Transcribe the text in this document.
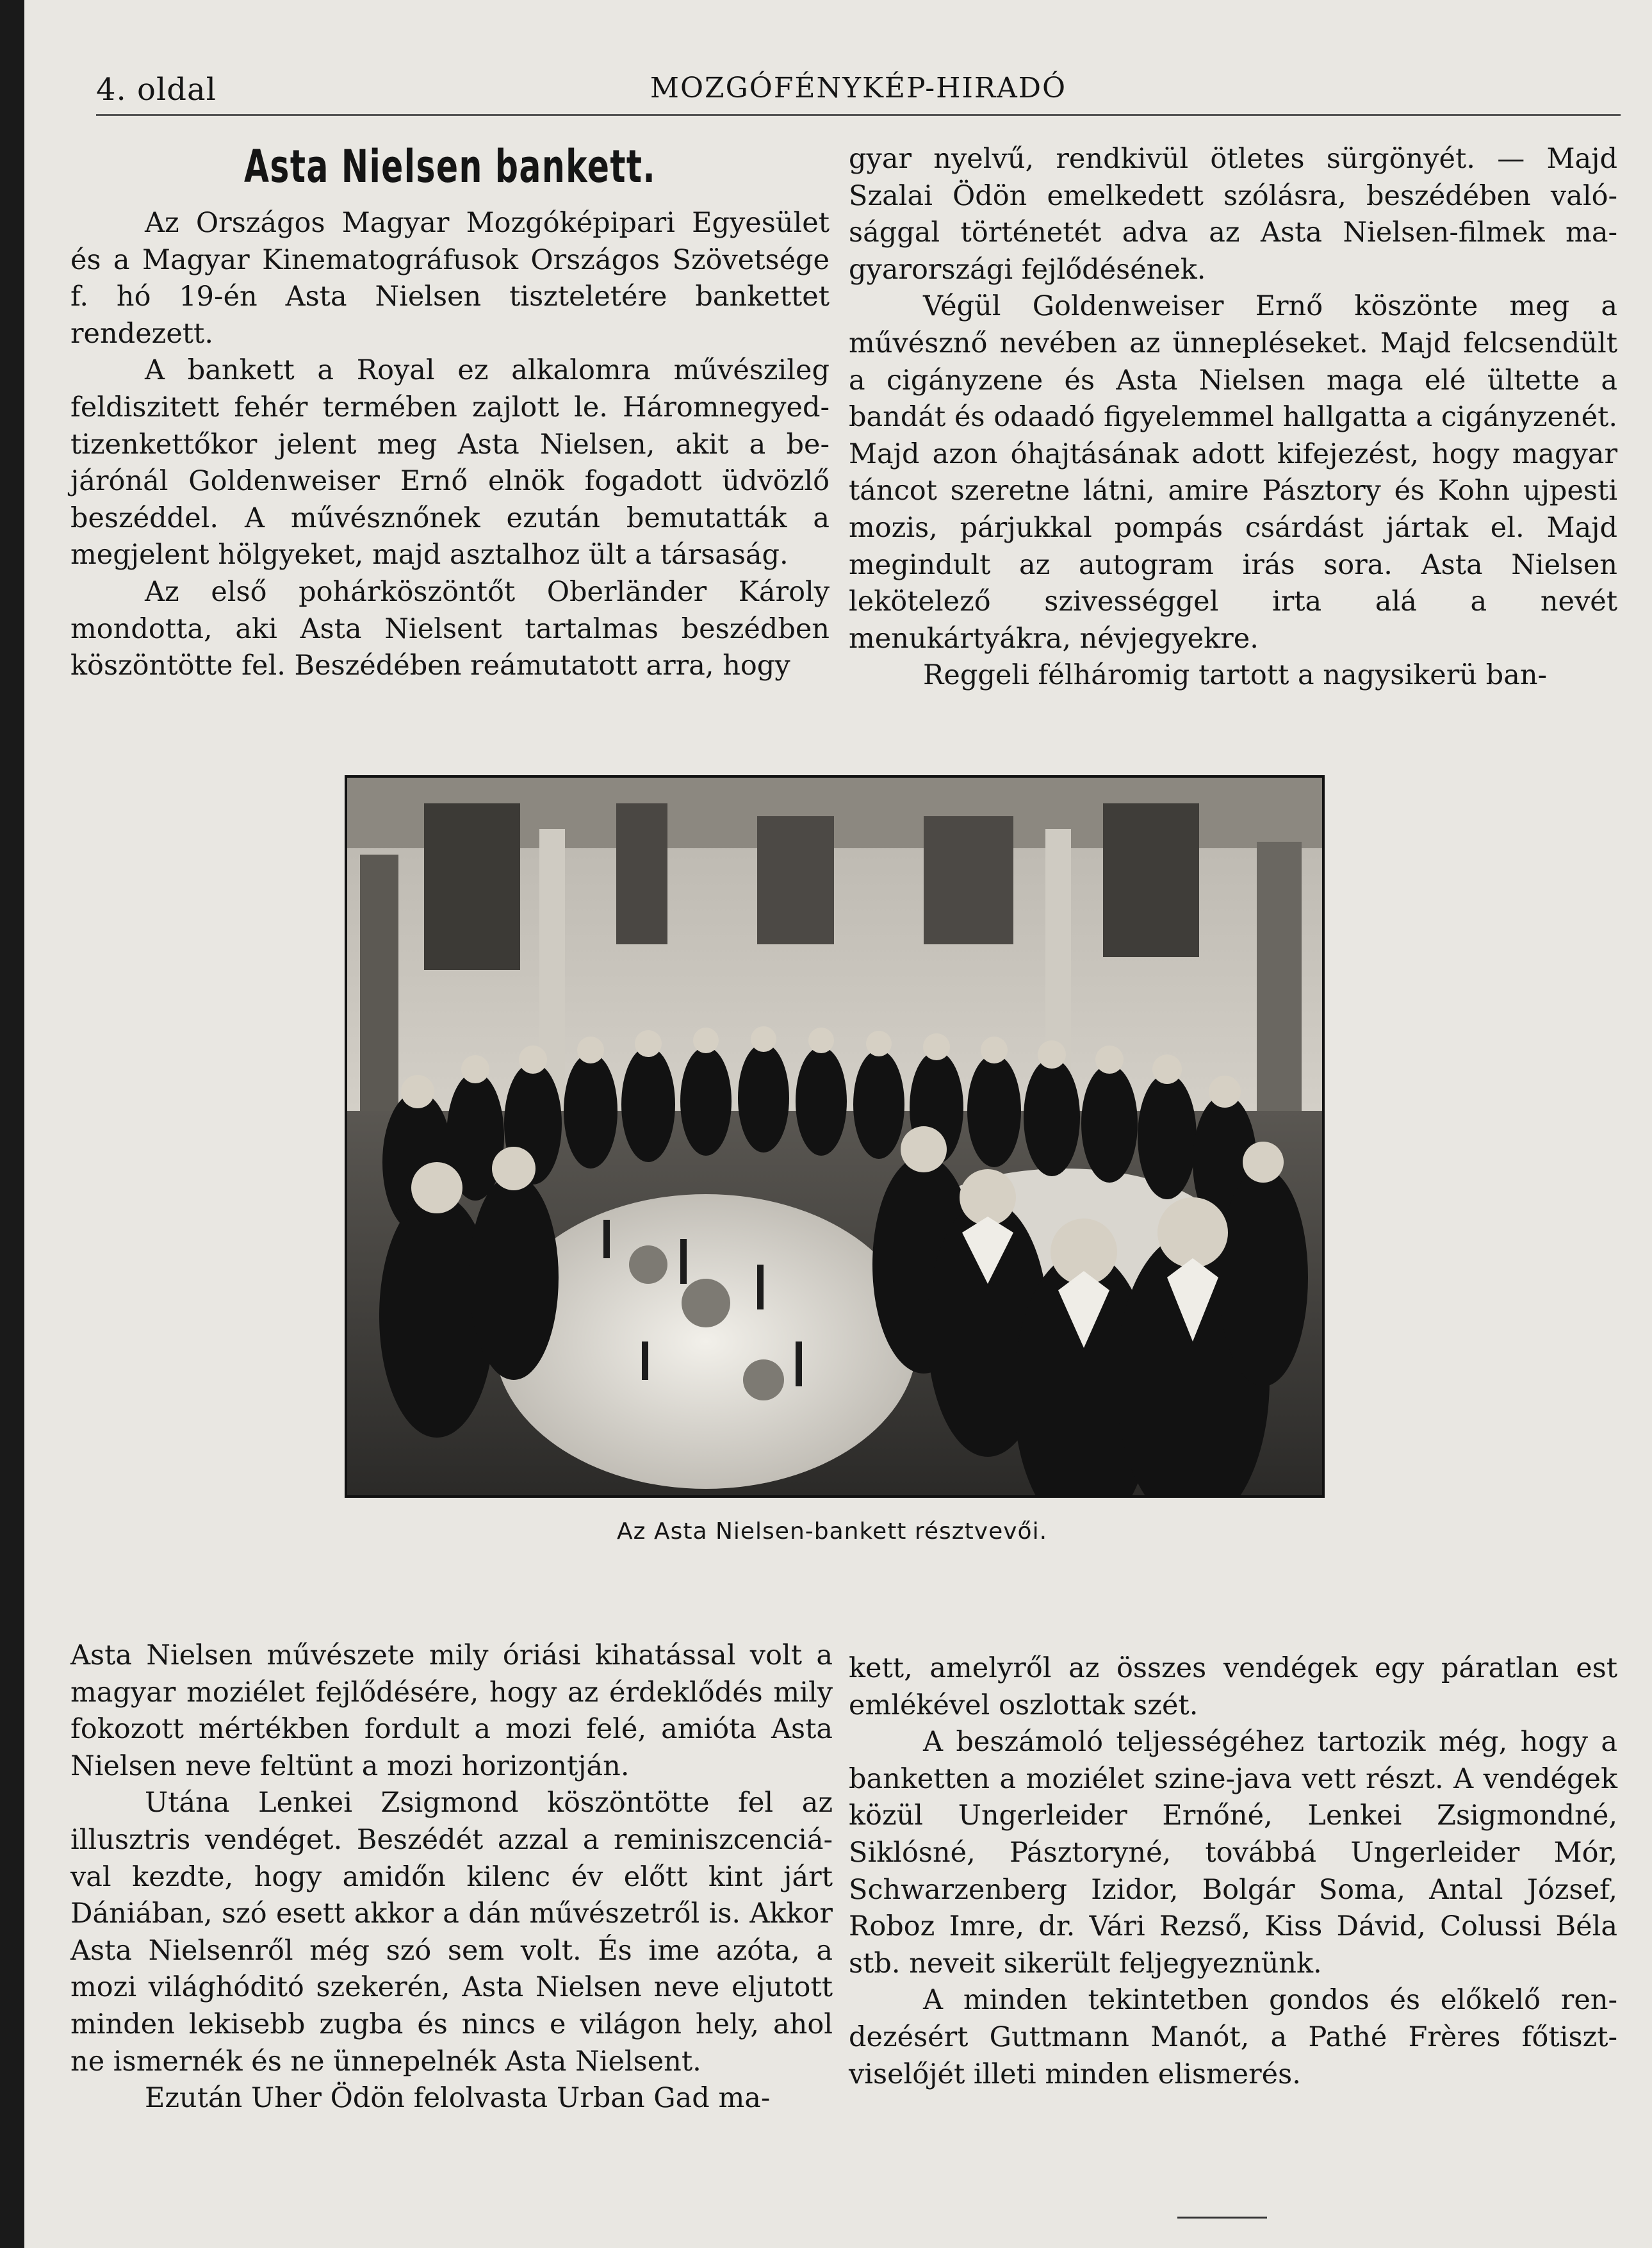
4. oldal	MOZGÓFÉNYKÉP-HIRADÓ
Asta Nielsen bankett.

Az Országos Magyar Mozgóképipari Egyesület és a Magyar Kinematográfusok Országos Szövetsége f. hó 19-én Asta Nielsen tiszteletére bankettet rendezett.

A bankett a Royal ez alkalomra művészileg feldiszitett fehér termében zajlott le. Háromnegyedtizenkettőkor jelent meg Asta Nielsen, akit a bejárónál Goldenweiser Ernő elnök fogadott üdvözlő beszéddel. A művésznőnek ezután bemutatták a megjelent hölgyeket, majd asztalhoz ült a társaság.

Az első pohárköszöntőt Oberländer Károly mondotta, aki Asta Nielsent tartalmas beszédben köszöntötte fel. Beszédében reámutatott arra, hogy

gyar nyelvű, rendkivül ötletes sürgönyét. — Majd Szalai Ödön emelkedett szólásra, beszédében valósággal történetét adva az Asta Nielsen-filmek magyarországi fejlődésének.

Végül Goldenweiser Ernő köszönte meg a művésznő nevében az ünnepléseket. Majd felcsendült a cigányzene és Asta Nielsen maga elé ültette a bandát és odaadó figyelemmel hallgatta a cigányzenét. Majd azon óhajtásának adott kifejezést, hogy magyar táncot szeretne látni, amire Pásztory és Kohn ujpesti mozis, párjukkal pompás csárdást jártak el. Majd megindult az autogram irás sora. Asta Nielsen lekötelező szivességgel irta alá a nevét menukártyákra, névjegyekre.

Reggeli félháromig tartott a nagysikerü ban-

Az Asta Nielsen-bankett résztvevői.

Asta Nielsen művészete mily óriási kihatással volt a magyar moziélet fejlődésére, hogy az érdeklődés mily fokozott mértékben fordult a mozi felé, amióta Asta Nielsen neve feltünt a mozi horizontján.

Utána Lenkei Zsigmond köszöntötte fel az illusztris vendéget. Beszédét azzal a reminiszcenciával kezdte, hogy amidőn kilenc év előtt kint járt Dániában, szó esett akkor a dán művészetről is. Akkor Asta Nielsenről még szó sem volt. És ime azóta, a mozi világhóditó szekerén, Asta Nielsen neve eljutott minden lekisebb zugba és nincs e világon hely, ahol ne ismernék és ne ünnepelnék Asta Nielsent.

Ezután Uher Ödön felolvasta Urban Gad ma-

kett, amelyről az összes vendégek egy páratlan est emlékével oszlottak szét.

A beszámoló teljességéhez tartozik még, hogy a banketten a moziélet szine-java vett részt. A vendégek közül Ungerleider Ernőné, Lenkei Zsigmondné, Siklósné, Pásztoryné, továbbá Ungerleider Mór, Schwarzenberg Izidor, Bolgár Soma, Antal József, Roboz Imre, dr. Vári Rezső, Kiss Dávid, Colussi Béla stb. neveit sikerült feljegyeznünk.

A minden tekintetben gondos és előkelő rendezésért Guttmann Manót, a Pathé Frères főtisztviselőjét illeti minden elismerés.
